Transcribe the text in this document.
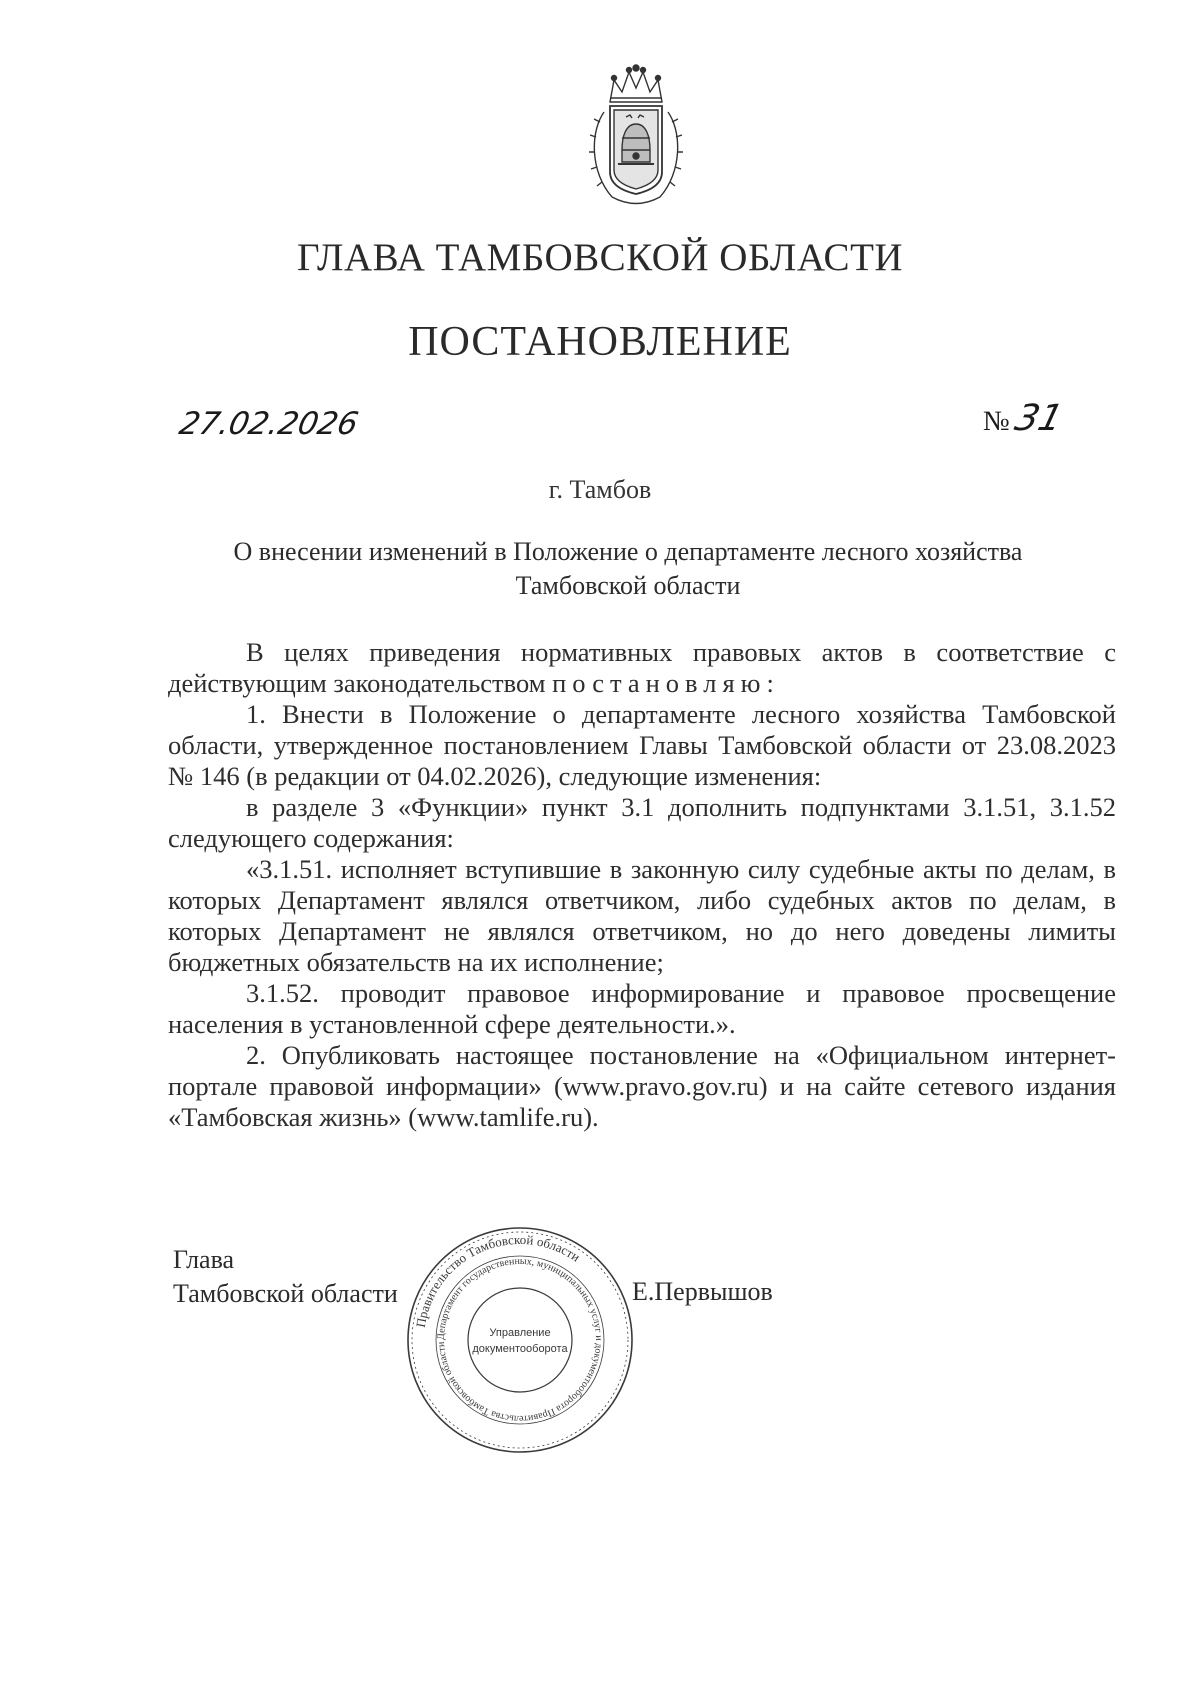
ГЛАВА ТАМБОВСКОЙ ОБЛАСТИ
ПОСТАНОВЛЕНИЕ
27.02.2026	№31
г. Тамбов
О внесении изменений в Положение о департаменте лесного хозяйства
Тамбовской области

В целях приведения нормативных правовых актов в соответствие с действующим законодательством постановляю:

1. Внести в Положение о департаменте лесного хозяйства Тамбовской области, утвержденное постановлением Главы Тамбовской области от 23.08.2023 № 146 (в редакции от 04.02.2026), следующие изменения:

в разделе 3 «Функции» пункт 3.1 дополнить подпунктами 3.1.51, 3.1.52 следующего содержания:

«3.1.51. исполняет вступившие в законную силу судебные акты по делам, в которых Департамент являлся ответчиком, либо судебных актов по делам, в которых Департамент не являлся ответчиком, но до него доведены лимиты бюджетных обязательств на их исполнение;

3.1.52. проводит правовое информирование и правовое просвещение населения в установленной сфере деятельности.».

2. Опубликовать настоящее постановление на «Официальном интернет-портале правовой информации» (www.pravo.gov.ru) и на сайте сетевого издания «Тамбовская жизнь» (www.tamlife.ru).

Глава
Тамбовской области	Е.Первышов
Правительство Тамбовской области
Департамент государственных, муниципальных услуг и документооборота Правительства Тамбовской области
Управление
документооборота
